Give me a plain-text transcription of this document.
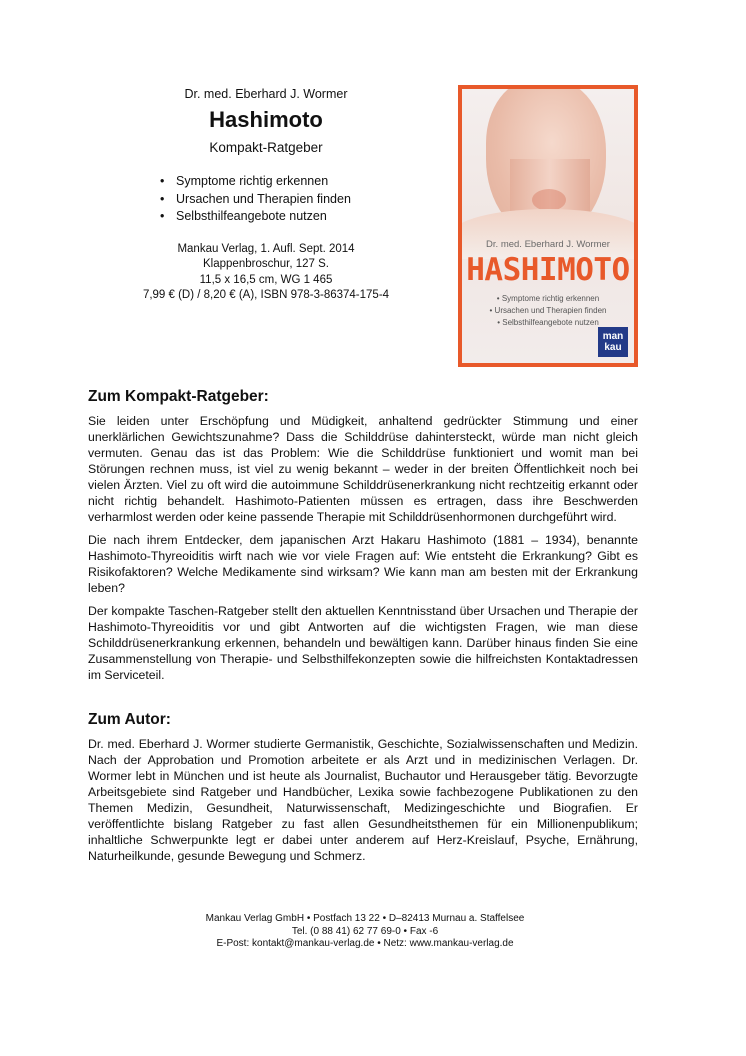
Dr. med. Eberhard J. Wormer
Hashimoto
Kompakt-Ratgeber
• Symptome richtig erkennen
• Ursachen und Therapien finden
• Selbsthilfeangebote nutzen
Mankau Verlag, 1. Aufl. Sept. 2014
Klappenbroschur, 127 S.
11,5 x 16,5 cm, WG 1 465
7,99 € (D) / 8,20 € (A), ISBN 978-3-86374-175-4
Dr. med. Eberhard J. Wormer
HASHIMOTO
• Symptome richtig erkennen
• Ursachen und Therapien finden
• Selbsthilfeangebote nutzen
man
kau
Zum Kompakt-Ratgeber:

Sie leiden unter Erschöpfung und Müdigkeit, anhaltend gedrückter Stimmung und einer unerklärlichen Gewichtszunahme? Dass die Schilddrüse dahintersteckt, würde man nicht gleich vermuten. Genau das ist das Problem: Wie die Schilddrüse funktioniert und womit man bei Störungen rechnen muss, ist viel zu wenig bekannt – weder in der breiten Öffentlichkeit noch bei vielen Ärzten. Viel zu oft wird die autoimmune Schilddrüsenerkrankung nicht rechtzeitig erkannt oder nicht richtig behandelt. Hashimoto-Patienten müssen es ertragen, dass ihre Beschwerden verharmlost werden oder keine passende Therapie mit Schilddrüsenhormonen durchgeführt wird.

Die nach ihrem Entdecker, dem japanischen Arzt Hakaru Hashimoto (1881 – 1934), benannte Hashimoto-Thyreoiditis wirft nach wie vor viele Fragen auf: Wie entsteht die Erkrankung? Gibt es Risikofaktoren? Welche Medikamente sind wirksam? Wie kann man am besten mit der Erkrankung leben?

Der kompakte Taschen-Ratgeber stellt den aktuellen Kenntnisstand über Ursachen und Therapie der Hashimoto-Thyreoiditis vor und gibt Antworten auf die wichtigsten Fragen, wie man diese Schilddrüsenerkrankung erkennen, behandeln und bewältigen kann. Darüber hinaus finden Sie eine Zusammenstellung von Therapie- und Selbsthilfekonzepten sowie die hilfreichsten Kontaktadressen im Serviceteil.

Zum Autor:

Dr. med. Eberhard J. Wormer studierte Germanistik, Geschichte, Sozialwissenschaften und Medizin. Nach der Approbation und Promotion arbeitete er als Arzt und in medizinischen Verlagen. Dr. Wormer lebt in München und ist heute als Journalist, Buchautor und Herausgeber tätig. Bevorzugte Arbeitsgebiete sind Ratgeber und Handbücher, Lexika sowie fachbezogene Publikationen zu den Themen Medizin, Gesundheit, Naturwissenschaft, Medizingeschichte und Biografien. Er veröffentlichte bislang Ratgeber zu fast allen Gesundheitsthemen für ein Millionenpublikum; inhaltliche Schwerpunkte legt er dabei unter anderem auf Herz-Kreislauf, Psyche, Ernährung, Naturheilkunde, gesunde Bewegung und Schmerz.

Mankau Verlag GmbH • Postfach 13 22 • D–82413 Murnau a. Staffelsee
Tel. (0 88 41) 62 77 69-0 • Fax -6
E-Post: kontakt@mankau-verlag.de • Netz: www.mankau-verlag.de
